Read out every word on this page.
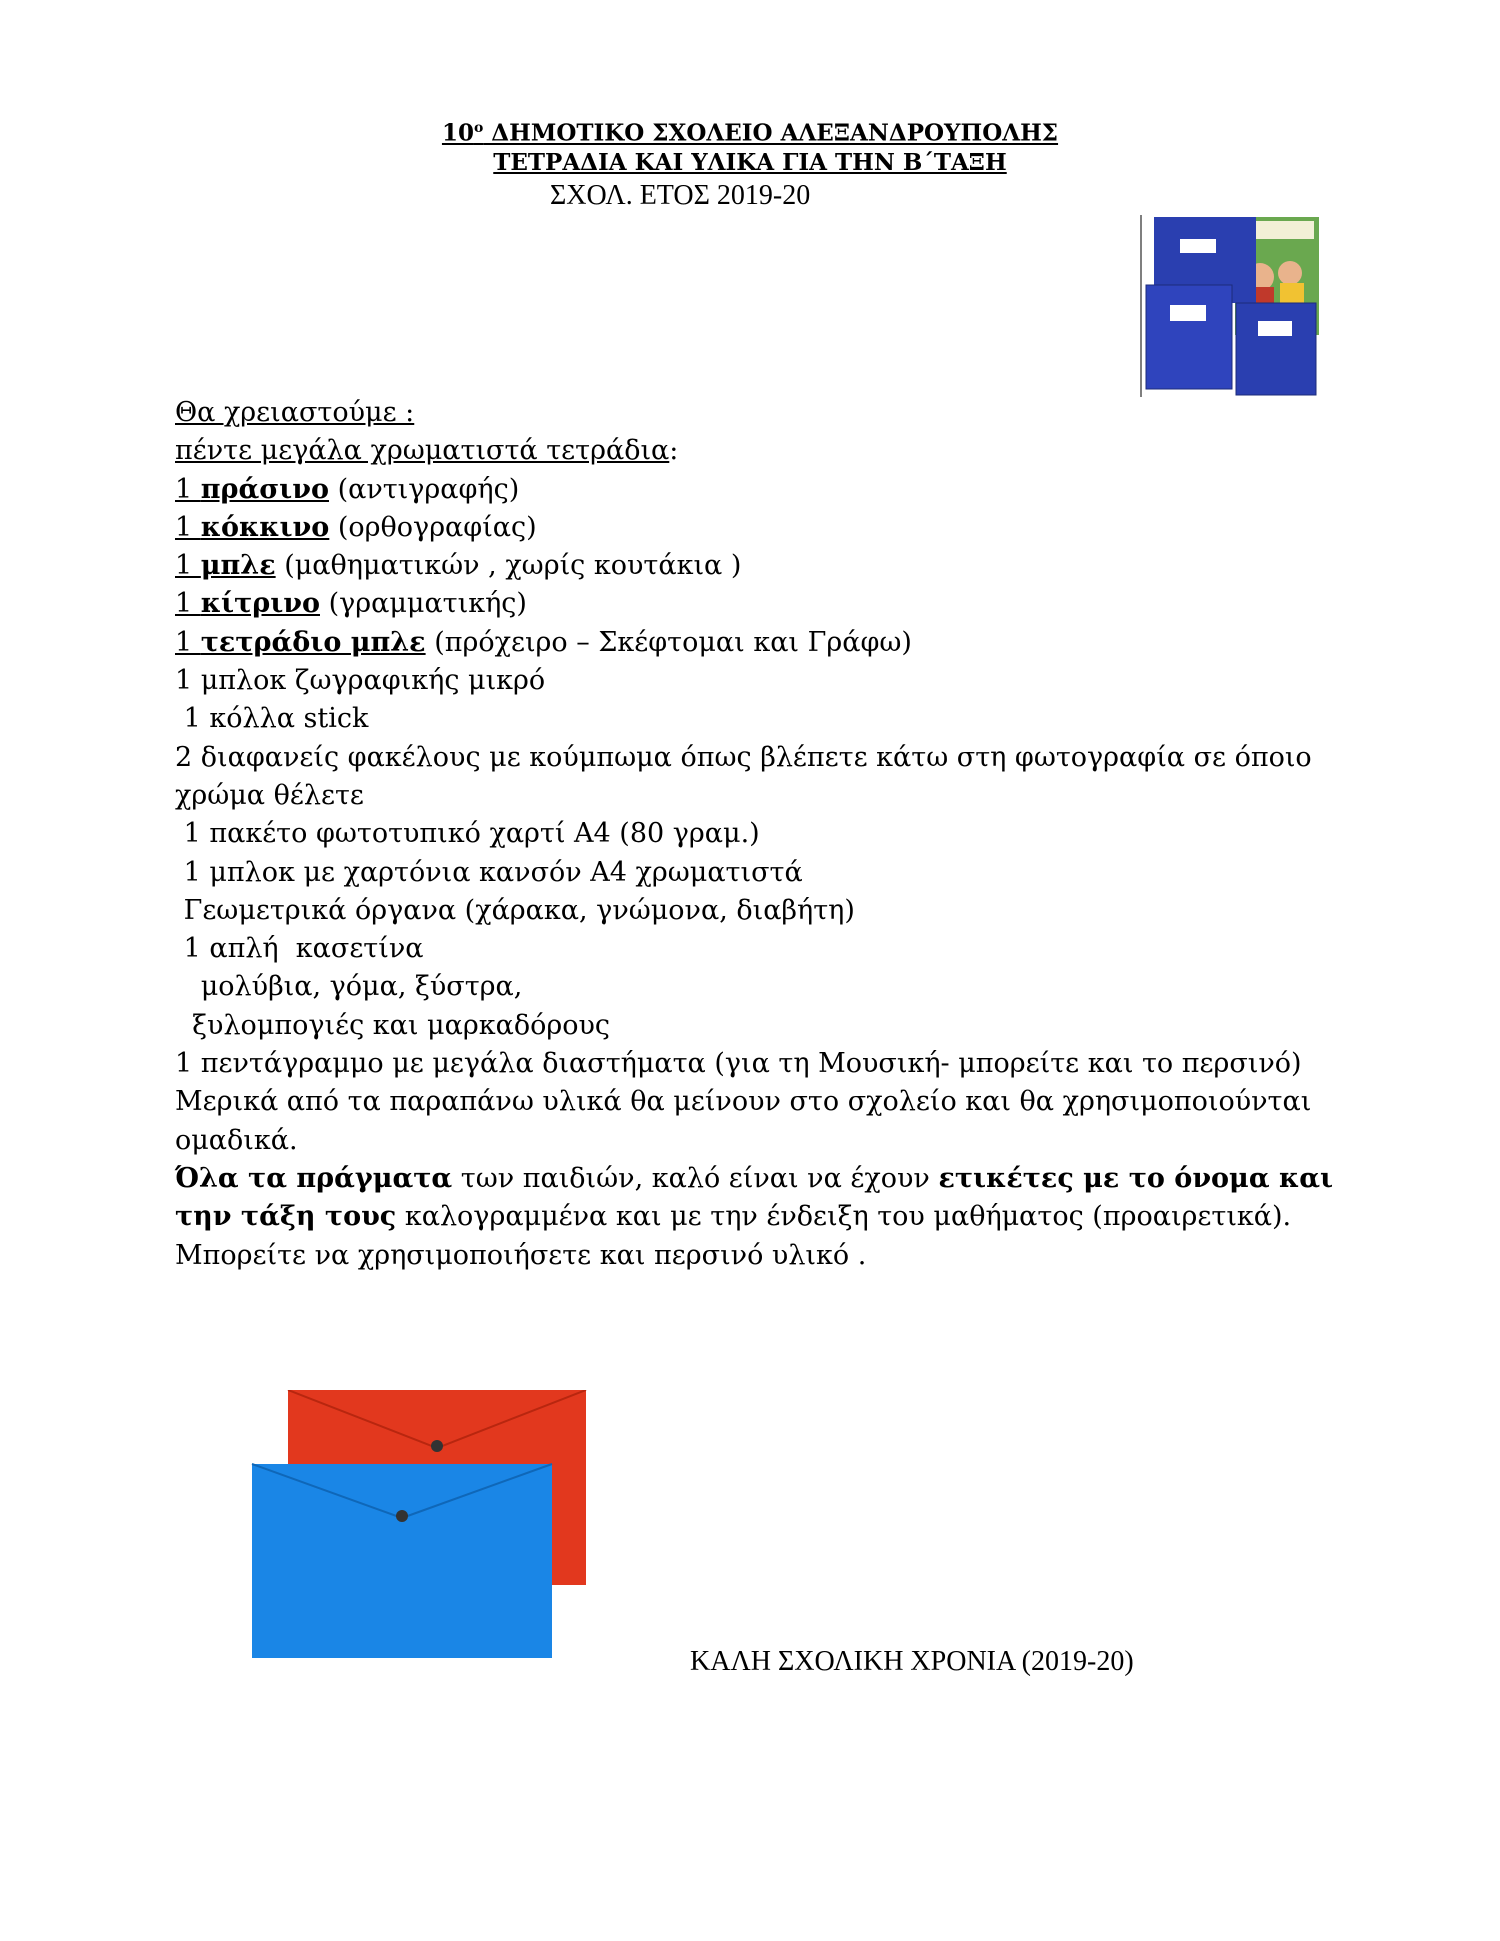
$10^o$ ΔΗΜΟΤΙΚΟ ΣΧΟΛΕΙΟ ΑΛΕΞΑΝΔΡΟΥΠΟΛΗΣ
ΤΕΤΡΑΔΙΑ ΚΑΙ ΥΛΙΚΑ ΓΙΑ ΤΗΝ Β΄ΤΑΞΗ
ΣΧΟΛ. ΕΤΟΣ 2019-20
Θα χρειαστούμε :
πέντε μεγάλα χρωματιστά τετράδια:
1 πράσινο (αντιγραφής)
1 κόκκινο (ορθογραφίας)
1 μπλε (μαθηματικών , χωρίς κουτάκια )
1 κίτρινο (γραμματικής)
1 τετράδιο μπλε (πρόχειρο – Σκέφτομαι και Γράφω)
1 μπλοκ ζωγραφικής μικρό
1 κόλλα stick
2 διαφανείς φακέλους με κούμπωμα όπως βλέπετε κάτω στη φωτογραφία σε όποιο χρώμα θέλετε
1 πακέτο φωτοτυπικό χαρτί Α4 (80 γραμ.)
1 μπλοκ με χαρτόνια κανσόν Α4 χρωματιστά
Γεωμετρικά όργανα (χάρακα, γνώμονα, διαβήτη)
1 απλή  κασετίνα
μολύβια, γόμα, ξύστρα,
ξυλομπογιές και μαρκαδόρους
1 πεντάγραμμο με μεγάλα διαστήματα (για τη Μουσική- μπορείτε και το περσινό)
Μερικά από τα παραπάνω υλικά θα μείνουν στο σχολείο και θα χρησιμοποιούνται ομαδικά.
Όλα τα πράγματα των παιδιών, καλό είναι να έχουν ετικέτες με το όνομα και την τάξη τους καλογραμμένα και με την ένδειξη του μαθήματος (προαιρετικά).
Μπορείτε να χρησιμοποιήσετε και περσινό υλικό .
ΚΑΛΗ ΣΧΟΛΙΚΗ ΧΡΟΝΙΑ (2019-20)
